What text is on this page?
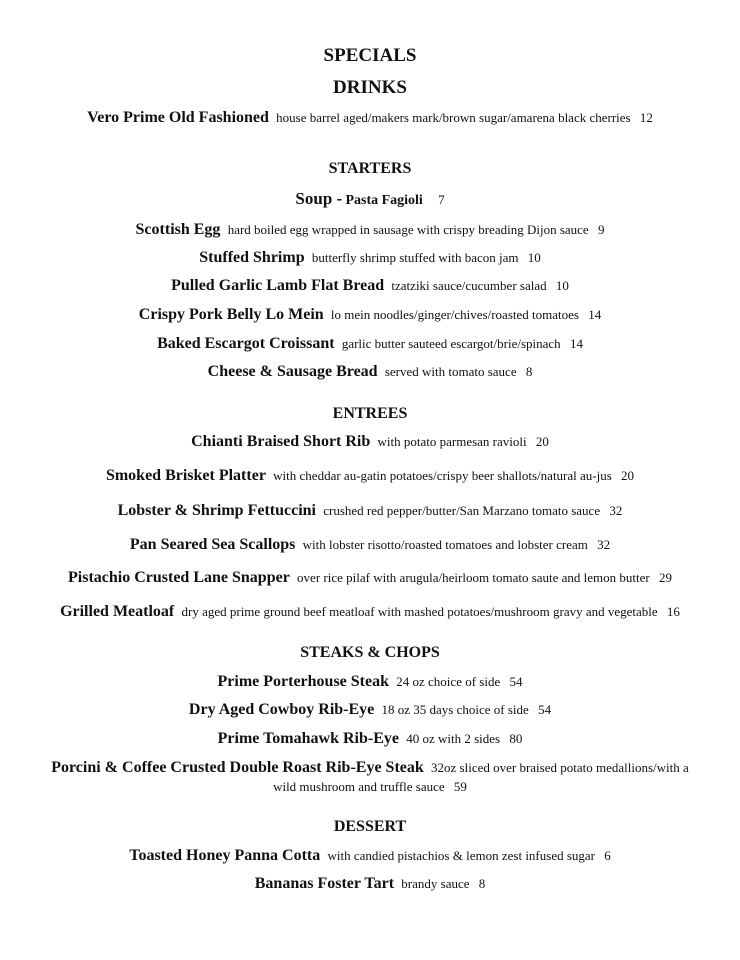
SPECIALS
DRINKS
Vero Prime Old Fashioned house barrel aged/makers mark/brown sugar/amarena black cherries 12
STARTERS
Soup - Pasta Fagioli 7
Scottish Egg hard boiled egg wrapped in sausage with crispy breading Dijon sauce 9
Stuffed Shrimp butterfly shrimp stuffed with bacon jam 10
Pulled Garlic Lamb Flat Bread tzatziki sauce/cucumber salad 10
Crispy Pork Belly Lo Mein lo mein noodles/ginger/chives/roasted tomatoes 14
Baked Escargot Croissant garlic butter sauteed escargot/brie/spinach 14
Cheese & Sausage Bread served with tomato sauce 8
ENTREES
Chianti Braised Short Rib with potato parmesan ravioli 20
Smoked Brisket Platter with cheddar au-gatin potatoes/crispy beer shallots/natural au-jus 20
Lobster & Shrimp Fettuccini crushed red pepper/butter/San Marzano tomato sauce 32
Pan Seared Sea Scallops with lobster risotto/roasted tomatoes and lobster cream 32
Pistachio Crusted Lane Snapper over rice pilaf with arugula/heirloom tomato saute and lemon butter 29
Grilled Meatloaf dry aged prime ground beef meatloaf with mashed potatoes/mushroom gravy and vegetable 16
STEAKS & CHOPS
Prime Porterhouse Steak 24 oz choice of side 54
Dry Aged Cowboy Rib-Eye 18 oz 35 days choice of side 54
Prime Tomahawk Rib-Eye 40 oz with 2 sides 80
Porcini & Coffee Crusted Double Roast Rib-Eye Steak 32oz sliced over braised potato medallions/with a
wild mushroom and truffle sauce 59
DESSERT
Toasted Honey Panna Cotta with candied pistachios & lemon zest infused sugar 6
Bananas Foster Tart brandy sauce 8
